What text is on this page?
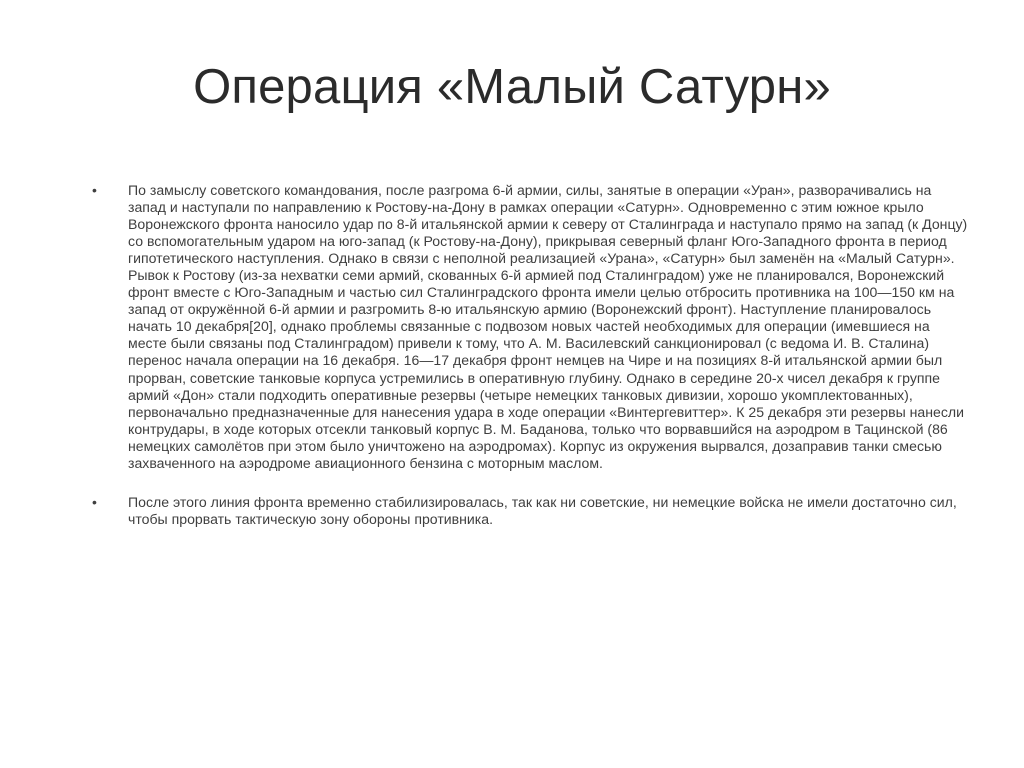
Операция «Малый Сатурн»
• По замыслу советского командования, после разгрома 6-й армии, силы, занятые в операции «Уран», разворачивались на запад и наступали по направлению к Ростову-на-Дону в рамках операции «Сатурн». Одновременно с этим южное крыло Воронежского фронта наносило удар по 8-й итальянской армии к северу от Сталинграда и наступало прямо на запад (к Донцу) со вспомогательным ударом на юго-запад (к Ростову-на-Дону), прикрывая северный фланг Юго-Западного фронта в период гипотетического наступления. Однако в связи с неполной реализацией «Урана», «Сатурн» был заменён на «Малый Сатурн». Рывок к Ростову (из-за нехватки семи армий, скованных 6-й армией под Сталинградом) уже не планировался, Воронежский фронт вместе с Юго-Западным и частью сил Сталинградского фронта имели целью отбросить противника на 100—150 км на запад от окружённой 6-й армии и разгромить 8-ю итальянскую армию (Воронежский фронт). Наступление планировалось начать 10 декабря[20], однако проблемы связанные с подвозом новых частей необходимых для операции (имевшиеся на месте были связаны под Сталинградом) привели к тому, что А. М. Василевский санкционировал (с ведома И. В. Сталина) перенос начала операции на 16 декабря. 16—17 декабря фронт немцев на Чире и на позициях 8-й итальянской армии был прорван, советские танковые корпуса устремились в оперативную глубину. Однако в середине 20-х чисел декабря к группе армий «Дон» стали подходить оперативные резервы (четыре немецких танковых дивизии, хорошо укомплектованных), первоначально предназначенные для нанесения удара в ходе операции «Винтергевиттер». К 25 декабря эти резервы нанесли контрудары, в ходе которых отсекли танковый корпус В. М. Баданова, только что ворвавшийся на аэродром в Тацинской (86 немецких самолётов при этом было уничтожено на аэродромах). Корпус из окружения вырвался, дозаправив танки смесью захваченного на аэродроме авиационного бензина с моторным маслом.
• После этого линия фронта временно стабилизировалась, так как ни советские, ни немецкие войска не имели достаточно сил, чтобы прорвать тактическую зону обороны противника.
